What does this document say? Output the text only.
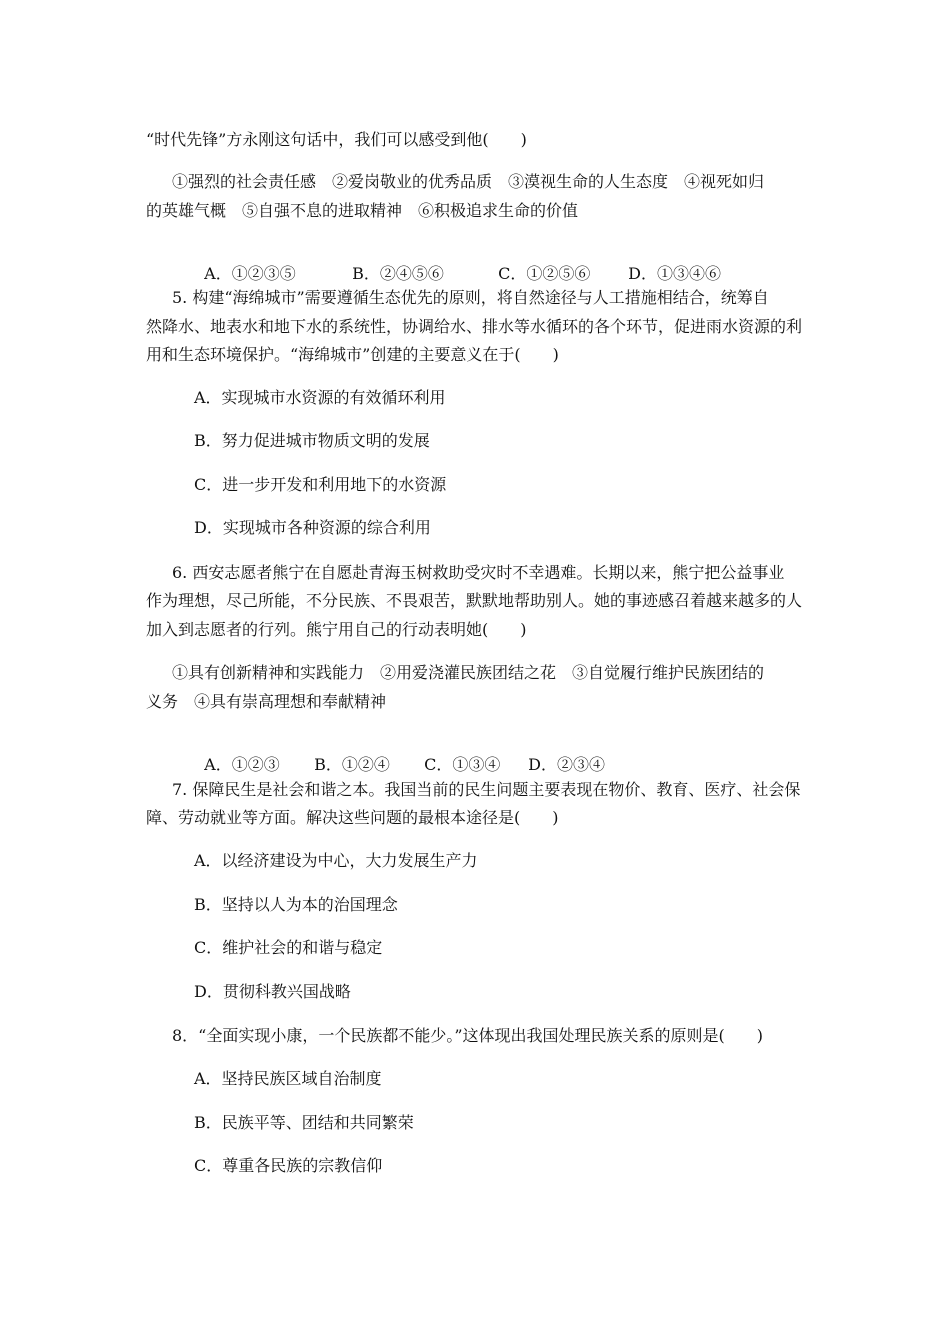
“时代先锋”方永刚这句话中，我们可以感受到他(　　)
①强烈的社会责任感　②爱岗敬业的优秀品质　③漠视生命的人生态度　④视死如归
的英雄气概　⑤自强不息的进取精神　⑥积极追求生命的价值

A．①②③⑤	B．②④⑤⑥	C．①②⑤⑥ D．①③④⑥

5. 构建“海绵城市”需要遵循生态优先的原则，将自然途径与人工措施相结合，统筹自
然降水、地表水和地下水的系统性，协调给水、排水等水循环的各个环节，促进雨水资源的利
用和生态环境保护。“海绵城市”创建的主要意义在于(　　)
A．实现城市水资源的有效循环利用
B．努力促进城市物质文明的发展
C．进一步开发和利用地下的水资源
D．实现城市各种资源的综合利用
6. 西安志愿者熊宁在自愿赴青海玉树救助受灾时不幸遇难。长期以来，熊宁把公益事业
作为理想，尽己所能，不分民族、不畏艰苦，默默地帮助别人。她的事迹感召着越来越多的人
加入到志愿者的行列。熊宁用自己的行动表明她(　　)
①具有创新精神和实践能力　②用爱浇灌民族团结之花　③自觉履行维护民族团结的
义务　④具有崇高理想和奉献精神

A．①②③ B．①②④ C．①③④ D．②③④

7. 保障民生是社会和谐之本。我国当前的民生问题主要表现在物价、教育、医疗、社会保
障、劳动就业等方面。解决这些问题的最根本途径是(　　)
A．以经济建设为中心，大力发展生产力
B．坚持以人为本的治国理念
C．维护社会的和谐与稳定
D．贯彻科教兴国战略
8．“全面实现小康，一个民族都不能少。”这体现出我国处理民族关系的原则是(　　)
A．坚持民族区域自治制度
B．民族平等、团结和共同繁荣
C．尊重各民族的宗教信仰
